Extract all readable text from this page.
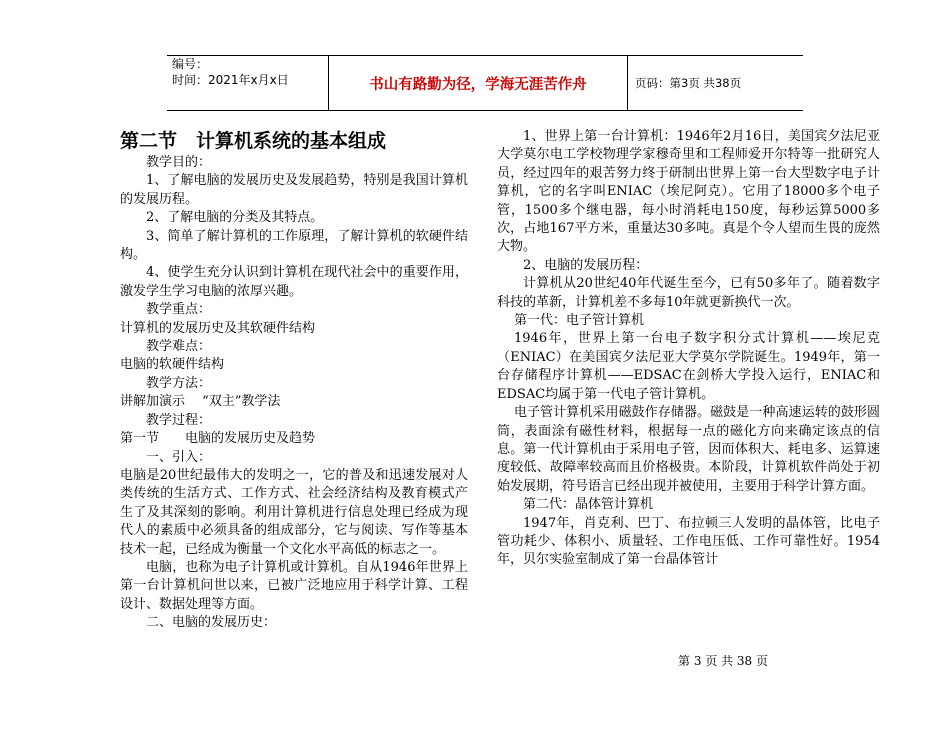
编号：
时间：2021年x月x日	书山有路勤为径，学海无涯苦作舟	页码：第3页 共38页
第二节　计算机系统的基本组成

教学目的：

1、了解电脑的发展历史及发展趋势，特别是我国计算机的发展历程。

2、了解电脑的分类及其特点。

3、简单了解计算机的工作原理，了解计算机的软硬件结构。

4、使学生充分认识到计算机在现代社会中的重要作用，激发学生学习电脑的浓厚兴趣。

教学重点：

计算机的发展历史及其软硬件结构

教学难点：

电脑的软硬件结构

教学方法：

讲解加演示　 “双主”教学法

教学过程：

第一节　　电脑的发展历史及趋势

一、引入：

电脑是20世纪最伟大的发明之一，它的普及和迅速发展对人类传统的生活方式、工作方式、社会经济结构及教育模式产生了及其深刻的影响。利用计算机进行信息处理已经成为现代人的素质中必须具备的组成部分，它与阅读、写作等基本技术一起，已经成为衡量一个文化水平高低的标志之一。

电脑，也称为电子计算机或计算机。自从1946年世界上第一台计算机问世以来，已被广泛地应用于科学计算、工程设计、数据处理等方面。

二、电脑的发展历史：

1、世界上第一台计算机：1946年2月16日，美国宾夕法尼亚大学莫尔电工学校物理学家穆奇里和工程师爱开尔特等一批研究人员，经过四年的艰苦努力终于研制出世界上第一台大型数字电子计算机，它的名字叫ENIAC（埃尼阿克）。它用了18000多个电子管，1500多个继电器，每小时消耗电150度，每秒运算5000多次，占地167平方米，重量达30多吨。真是个令人望而生畏的庞然大物。

2、电脑的发展历程：

计算机从20世纪40年代诞生至今，已有50多年了。随着数字科技的革新，计算机差不多每10年就更新换代一次。

第一代：电子管计算机

1946年，世界上第一台电子数字积分式计算机——埃尼克（ENIAC）在美国宾夕法尼亚大学莫尔学院诞生。1949年，第一台存储程序计算机——EDSAC在剑桥大学投入运行，ENIAC和EDSAC均属于第一代电子管计算机。

电子管计算机采用磁鼓作存储器。磁鼓是一种高速运转的鼓形圆筒，表面涂有磁性材料，根据每一点的磁化方向来确定该点的信息。第一代计算机由于采用电子管，因而体积大、耗电多、运算速度较低、故障率较高而且价格极贵。本阶段，计算机软件尚处于初始发展期，符号语言已经出现并被使用，主要用于科学计算方面。

第二代：晶体管计算机

1947年，肖克利、巴丁、布拉顿三人发明的晶体管，比电子管功耗少、体积小、质量轻、工作电压低、工作可靠性好。1954年，贝尔实验室制成了第一台晶体管计

第 3 页 共 38 页
